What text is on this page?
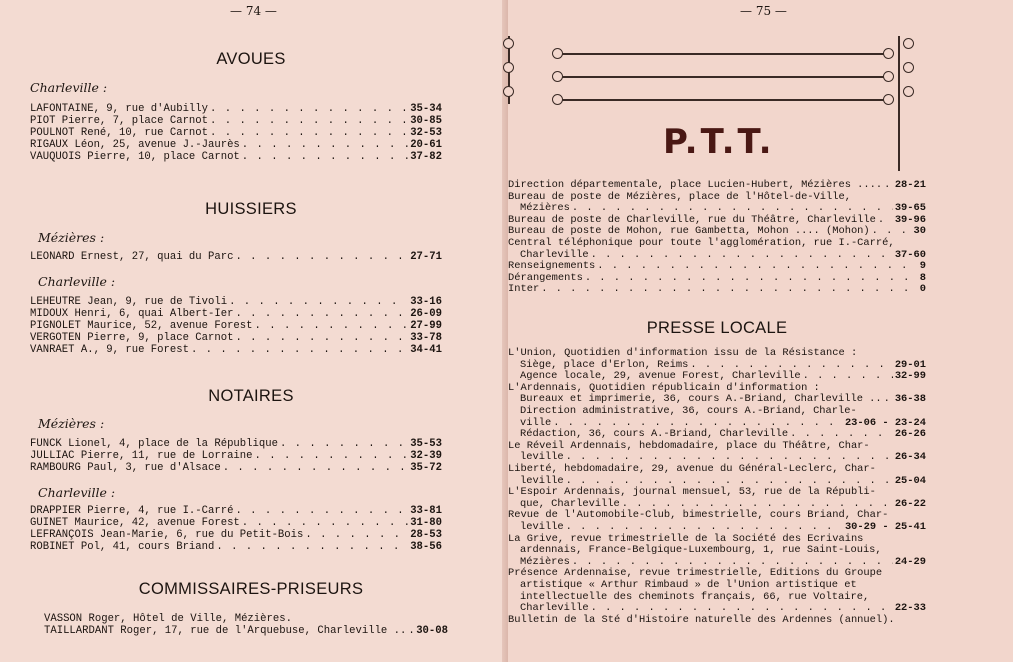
— 74 —
AVOUES
Charleville :
LAFONTAINE, 9, rue d'Aubilly . . .	35-34
PIOT Pierre, 7, place Carnot . . .	30-85
POULNOT René, 10, rue Carnot . . .	32-53
RIGAUX Léon, 25, avenue J.-Jaurès . . .	20-61
VAUQUOIS Pierre, 10, place Carnot . . .	37-82
HUISSIERS
Mézières :
LEONARD Ernest, 27, quai du Parc . . .	27-71
Charleville :
LEHEUTRE Jean, 9, rue de Tivoli . . .	33-16
MIDOUX Henri, 6, quai Albert-Ier . . .	26-09
PIGNOLET Maurice, 52, avenue Forest . . .	27-99
VERGOTEN Pierre, 9, place Carnot . . .	33-78
VANRAET A., 9, rue Forest . . .	34-41
NOTAIRES
Mézières :
FUNCK Lionel, 4, place de la République . . .	35-53
JULLIAC Pierre, 11, rue de Lorraine . . .	32-39
RAMBOURG Paul, 3, rue d'Alsace . . .	35-72
Charleville :
DRAPPIER Pierre, 4, rue I.-Carré . . .	33-81
GUINET Maurice, 42, avenue Forest . . .	31-80
LEFRANÇOIS Jean-Marie, 6, rue du Petit-Bois . . .	28-53
ROBINET Pol, 41, cours Briand . . .	38-56
COMMISSAIRES-PRISEURS
VASSON Roger, Hôtel de Ville, Mézières.
TAILLARDANT Roger, 17, rue de l'Arquebuse, Charleville .. . . . 30-08
— 75 —
P.T.T.
Direction départementale, place Lucien-Hubert, Mézières .... . . . 28-21
Bureau de poste de Mézières, place de l'Hôtel-de-Ville,
Mézières . . .	39-65
Bureau de poste de Charleville, rue du Théâtre, Charleville . . . 39-96
Bureau de poste de Mohon, rue Gambetta, Mohon .... (Mohon) . . .	30
Central téléphonique pour toute l'agglomération, rue I.-Carré,
Charleville . . .	37-60
Renseignements . . .	9
Dérangements . . .	8
Inter . . .	0
PRESSE LOCALE
L'Union, Quotidien d'information issu de la Résistance :
Siège, place d'Erlon, Reims . . .	29-01
Agence locale, 29, avenue Forest, Charleville . . .	32-99
L'Ardennais, Quotidien républicain d'information :
Bureaux et imprimerie, 36, cours A.-Briand, Charleville .. . . . 36-38
Direction administrative, 36, cours A.-Briand, Charle-
ville . . .	23-06 - 23-24
Rédaction, 36, cours A.-Briand, Charleville . . .	26-26
Le Réveil Ardennais, hebdomadaire, place du Théâtre, Char-
leville . . .	26-34
Liberté, hebdomadaire, 29, avenue du Général-Leclerc, Char-
leville . . .	25-04
L'Espoir Ardennais, journal mensuel, 53, rue de la Républi-
que, Charleville . . .	26-22
Revue de l'Automobile-Club, bimestrielle, cours Briand, Char-
leville . . .	30-29 - 25-41
La Grive, revue trimestrielle de la Société des Ecrivains
ardennais, France-Belgique-Luxembourg, 1, rue Saint-Louis,
Mézières . . .	24-29
Présence Ardennaise, revue trimestrielle, Editions du Groupe
artistique « Arthur Rimbaud » de l'Union artistique et
intellectuelle des cheminots français, 66, rue Voltaire,
Charleville . . .	22-33
Bulletin de la Sté d'Histoire naturelle des Ardennes (annuel).
